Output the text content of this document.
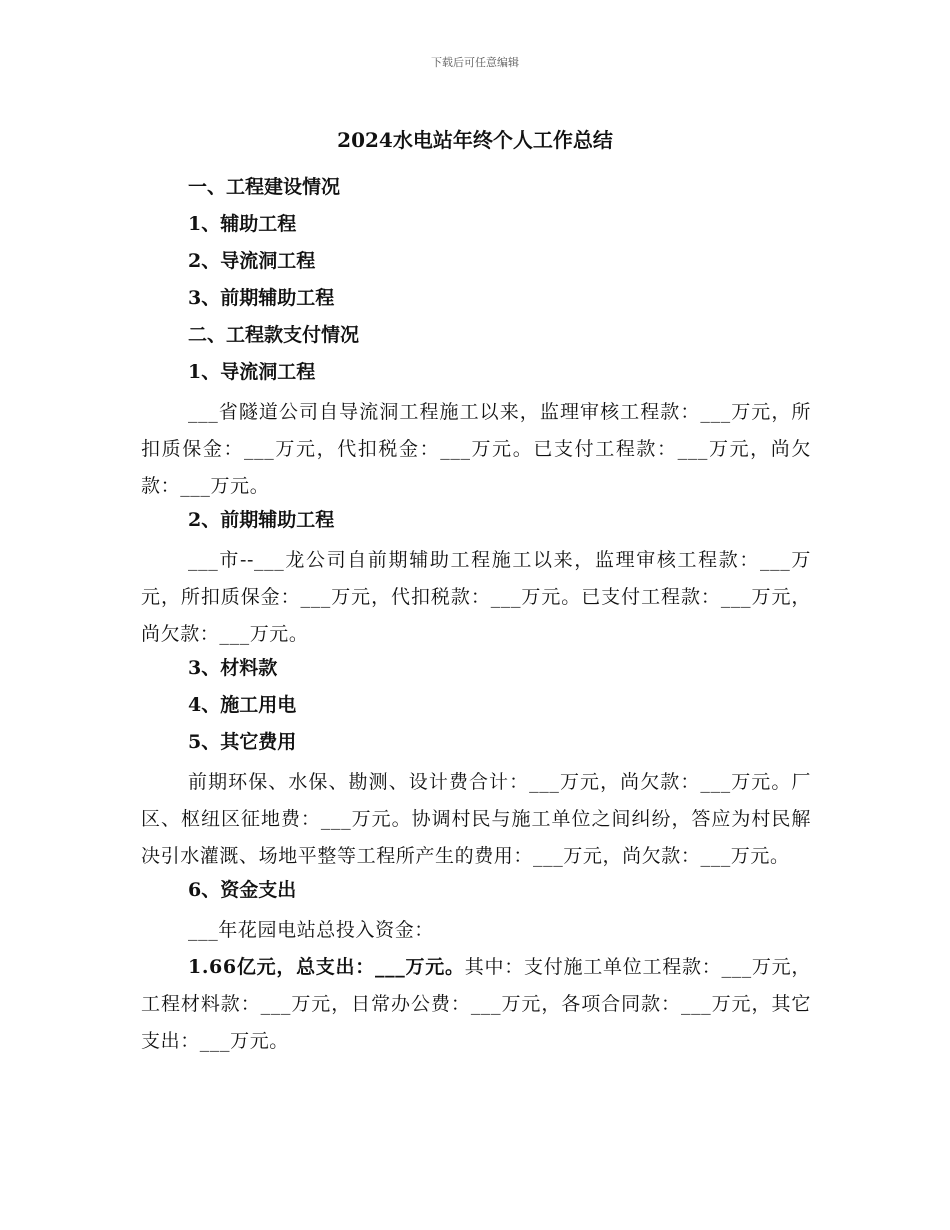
下载后可任意编辑
2024水电站年终个人工作总结

一、工程建设情况

1、辅助工程

2、导流洞工程

3、前期辅助工程

二、工程款支付情况

1、导流洞工程

___省隧道公司自导流洞工程施工以来，监理审核工程款：___万元，所扣质保金：___万元，代扣税金：___万元。已支付工程款：___万元，尚欠款：___万元。

2、前期辅助工程

___市--___龙公司自前期辅助工程施工以来，监理审核工程款：___万元，所扣质保金：___万元，代扣税款：___万元。已支付工程款：___万元，尚欠款：___万元。

3、材料款

4、施工用电

5、其它费用

前期环保、水保、勘测、设计费合计：___万元，尚欠款：___万元。厂区、枢纽区征地费：___万元。协调村民与施工单位之间纠纷，答应为村民解决引水灌溉、场地平整等工程所产生的费用：___万元，尚欠款：___万元。

6、资金支出

___年花园电站总投入资金：

1.66亿元，总支出：___万元。其中：支付施工单位工程款：___万元，工程材料款：___万元，日常办公费：___万元，各项合同款：___万元，其它支出：___万元。
